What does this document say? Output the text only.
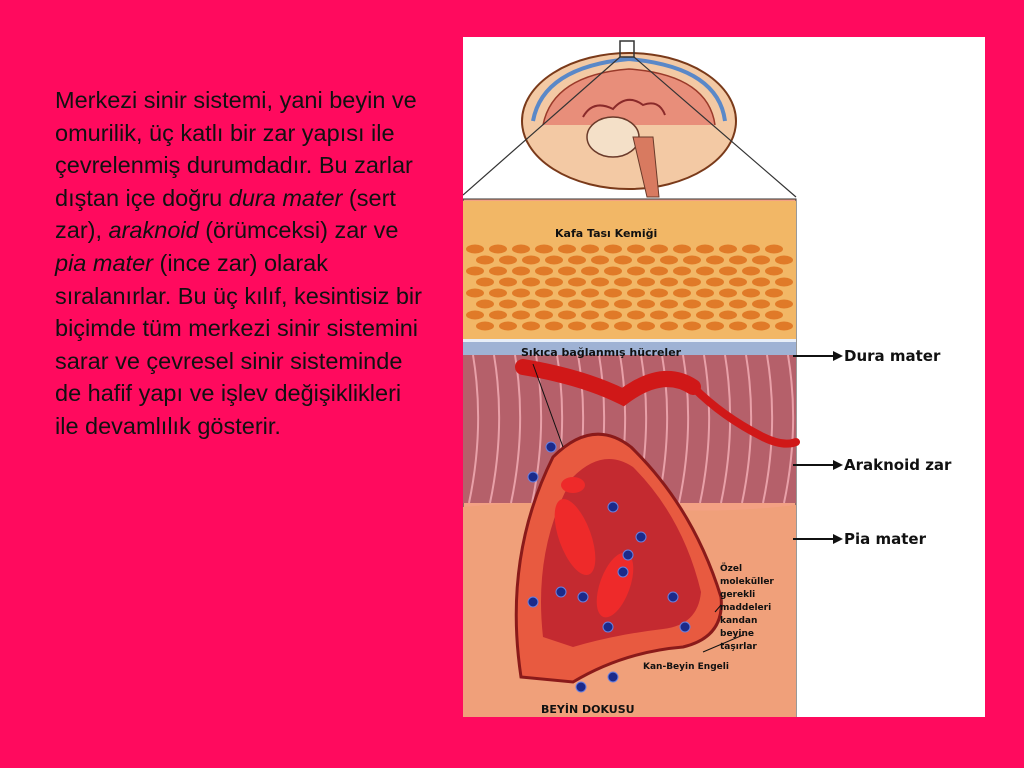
Merkezi sinir sistemi, yani beyin ve omurilik, üç katlı bir zar yapısı ile çevrelenmiş durumdadır. Bu zarlar dıştan içe doğru dura mater (sert zar), araknoid (örümceksi) zar ve pia mater (ince zar) olarak sıralanırlar. Bu üç kılıf, kesintisiz bir biçimde tüm merkezi sinir sistemini sarar ve çevresel sinir sisteminde de hafif yapı ve işlev değişiklikleri ile devamlılık gösterir.
Kafa Tası Kemiği
Sıkıca bağlanmış hücreler	Dura mater
Araknoid zar
Pia mater
Özel
moleküller
gerekli
maddeleri
kandan
beyine
taşırlar
Kan-Beyin Engeli
BEYİN DOKUSU
